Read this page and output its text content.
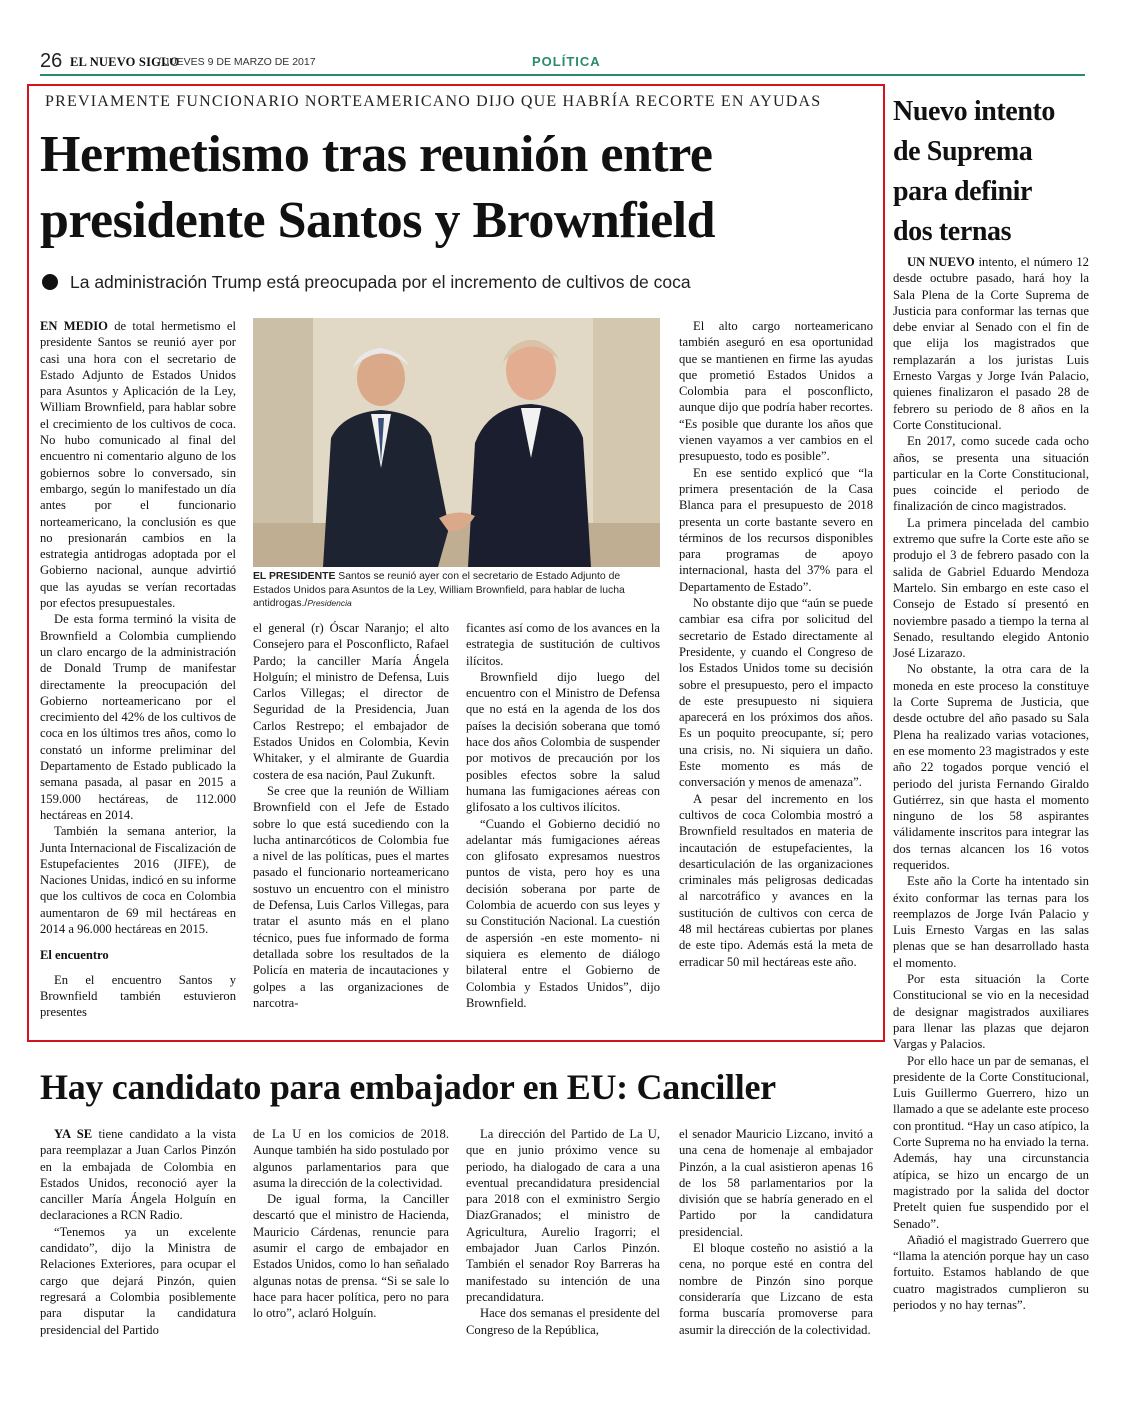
26 EL NUEVO SIGLO
/ JUEVES 9 DE MARZO DE 2017	POLÍTICA
PREVIAMENTE FUNCIONARIO NORTEAMERICANO DIJO QUE HABRÍA RECORTE EN AYUDAS
Hermetismo tras reunión entre
presidente Santos y Brownfield
La administración Trump está preocupada por el incremento de cultivos de coca

EN MEDIO de total hermetismo el presidente Santos se reunió ayer por casi una hora con el secretario de Estado Adjunto de Estados Unidos para Asuntos y Aplicación de la Ley, William Brownfield, para hablar sobre el crecimiento de los cultivos de coca. No hubo comunicado al final del encuentro ni comentario alguno de los gobiernos sobre lo conversado, sin embargo, según lo manifestado un día antes por el funcionario norteamericano, la conclusión es que no presionarán cambios en la estrategia antidrogas adoptada por el Gobierno nacional, aunque advirtió que las ayudas se verían recortadas por efectos presupuestales.

De esta forma terminó la visita de Brownfield a Colombia cumpliendo un claro encargo de la administración de Donald Trump de manifestar directamente la preocupación del Gobierno norteamericano por el crecimiento del 42% de los cultivos de coca en los últimos tres años, como lo constató un informe preliminar del Departamento de Estado publicado la semana pasada, al pasar en 2015 a 159.000 hectáreas, de 112.000 hectáreas en 2014.

También la semana anterior, la Junta Internacional de Fiscalización de Estupefacientes 2016 (JIFE), de Naciones Unidas, indicó en su informe que los cultivos de coca en Colombia aumentaron de 69 mil hectáreas en 2014 a 96.000 hectáreas en 2015.

El encuentro

En el encuentro Santos y Brownfield también estuvieron presentes

EL PRESIDENTE Santos se reunió ayer con el secretario de Estado Adjunto de Estados Unidos para Asuntos de la Ley, William Brownfield, para hablar de lucha antidrogas./Presidencia

el general (r) Óscar Naranjo; el alto Consejero para el Posconflicto, Rafael Pardo; la canciller María Ángela Holguín; el ministro de Defensa, Luis Carlos Villegas; el director de Seguridad de la Presidencia, Juan Carlos Restrepo; el embajador de Estados Unidos en Colombia, Kevin Whitaker, y el almirante de Guardia costera de esa nación, Paul Zukunft.

Se cree que la reunión de William Brownfield con el Jefe de Estado sobre lo que está sucediendo con la lucha antinarcóticos de Colombia fue a nivel de las políticas, pues el martes pasado el funcionario norteamericano sostuvo un encuentro con el ministro de Defensa, Luis Carlos Villegas, para tratar el asunto más en el plano técnico, pues fue informado de forma detallada sobre los resultados de la Policía en materia de incautaciones y golpes a las organizaciones de narcotra-

ficantes así como de los avances en la estrategia de sustitución de cultivos ilícitos.

Brownfield dijo luego del encuentro con el Ministro de Defensa que no está en la agenda de los dos países la decisión soberana que tomó hace dos años Colombia de suspender por motivos de precaución por los posibles efectos sobre la salud humana las fumigaciones aéreas con glifosato a los cultivos ilícitos.

“Cuando el Gobierno decidió no adelantar más fumigaciones aéreas con glifosato expresamos nuestros puntos de vista, pero hoy es una decisión soberana por parte de Colombia de acuerdo con sus leyes y su Constitución Nacional. La cuestión de aspersión -en este momento- ni siquiera es elemento de diálogo bilateral entre el Gobierno de Colombia y Estados Unidos”, dijo Brownfield.

El alto cargo norteamericano también aseguró en esa oportunidad que se mantienen en firme las ayudas que prometió Estados Unidos a Colombia para el posconflicto, aunque dijo que podría haber recortes. “Es posible que durante los años que vienen vayamos a ver cambios en el presupuesto, todo es posible”.

En ese sentido explicó que “la primera presentación de la Casa Blanca para el presupuesto de 2018 presenta un corte bastante severo en términos de los recursos disponibles para programas de apoyo internacional, hasta del 37% para el Departamento de Estado”.

No obstante dijo que “aún se puede cambiar esa cifra por solicitud del secretario de Estado directamente al Presidente, y cuando el Congreso de los Estados Unidos tome su decisión sobre el presupuesto, pero el impacto de este presupuesto ni siquiera aparecerá en los próximos dos años. Es un poquito preocupante, sí; pero una crisis, no. Ni siquiera un daño. Este momento es más de conversación y menos de amenaza”.

A pesar del incremento en los cultivos de coca Colombia mostró a Brownfield resultados en materia de incautación de estupefacientes, la desarticulación de las organizaciones criminales más peligrosas dedicadas al narcotráfico y avances en la sustitución de cultivos con cerca de 48 mil hectáreas cubiertas por planes de este tipo. Además está la meta de erradicar 50 mil hectáreas este año.

Nuevo intento
de Suprema
para definir
dos ternas

UN NUEVO intento, el número 12 desde octubre pasado, hará hoy la Sala Plena de la Corte Suprema de Justicia para conformar las ternas que debe enviar al Senado con el fin de que elija los magistrados que remplazarán a los juristas Luis Ernesto Vargas y Jorge Iván Palacio, quienes finalizaron el pasado 28 de febrero su periodo de 8 años en la Corte Constitucional.

En 2017, como sucede cada ocho años, se presenta una situación particular en la Corte Constitucional, pues coincide el periodo de finalización de cinco magistrados.

La primera pincelada del cambio extremo que sufre la Corte este año se produjo el 3 de febrero pasado con la salida de Gabriel Eduardo Mendoza Martelo. Sin embargo en este caso el Consejo de Estado sí presentó en noviembre pasado a tiempo la terna al Senado, resultando elegido Antonio José Lizarazo.

No obstante, la otra cara de la moneda en este proceso la constituye la Corte Suprema de Justicia, que desde octubre del año pasado su Sala Plena ha realizado varias votaciones, en ese momento 23 magistrados y este año 22 togados porque venció el periodo del jurista Fernando Giraldo Gutiérrez, sin que hasta el momento ninguno de los 58 aspirantes válidamente inscritos para integrar las dos ternas alcancen los 16 votos requeridos.

Este año la Corte ha intentado sin éxito conformar las ternas para los reemplazos de Jorge Iván Palacio y Luis Ernesto Vargas en las salas plenas que se han desarrollado hasta el momento.

Por esta situación la Corte Constitucional se vio en la necesidad de designar magistrados auxiliares para llenar las plazas que dejaron Vargas y Palacios.

Por ello hace un par de semanas, el presidente de la Corte Constitucional, Luis Guillermo Guerrero, hizo un llamado a que se adelante este proceso con prontitud. “Hay un caso atípico, la Corte Suprema no ha enviado la terna. Además, hay una circunstancia atípica, se hizo un encargo de un magistrado por la salida del doctor Pretelt quien fue suspendido por el Senado”.

Añadió el magistrado Guerrero que “llama la atención porque hay un caso fortuito. Estamos hablando de que cuatro magistrados cumplieron su periodos y no hay ternas”.

Hay candidato para embajador en EU: Canciller

YA SE tiene candidato a la vista para reemplazar a Juan Carlos Pinzón en la embajada de Colombia en Estados Unidos, reconoció ayer la canciller María Ángela Holguín en declaraciones a RCN Radio.

“Tenemos ya un excelente candidato”, dijo la Ministra de Relaciones Exteriores, para ocupar el cargo que dejará Pinzón, quien regresará a Colombia posiblemente para disputar la candidatura presidencial del Partido

de La U en los comicios de 2018. Aunque también ha sido postulado por algunos parlamentarios para que asuma la dirección de la colectividad.

De igual forma, la Canciller descartó que el ministro de Hacienda, Mauricio Cárdenas, renuncie para asumir el cargo de embajador en Estados Unidos, como lo han señalado algunas notas de prensa. “Si se sale lo hace para hacer política, pero no para lo otro”, aclaró Holguín.

La dirección del Partido de La U, que en junio próximo vence su periodo, ha dialogado de cara a una eventual precandidatura presidencial para 2018 con el exministro Sergio DiazGranados; el ministro de Agricultura, Aurelio Iragorri; el embajador Juan Carlos Pinzón. También el senador Roy Barreras ha manifestado su intención de una precandidatura.

Hace dos semanas el presidente del Congreso de la República,

el senador Mauricio Lizcano, invitó a una cena de homenaje al embajador Pinzón, a la cual asistieron apenas 16 de los 58 parlamentarios por la división que se habría generado en el Partido por la candidatura presidencial.

El bloque costeño no asistió a la cena, no porque esté en contra del nombre de Pinzón sino porque consideraría que Lizcano de esta forma buscaría promoverse para asumir la dirección de la colectividad.
